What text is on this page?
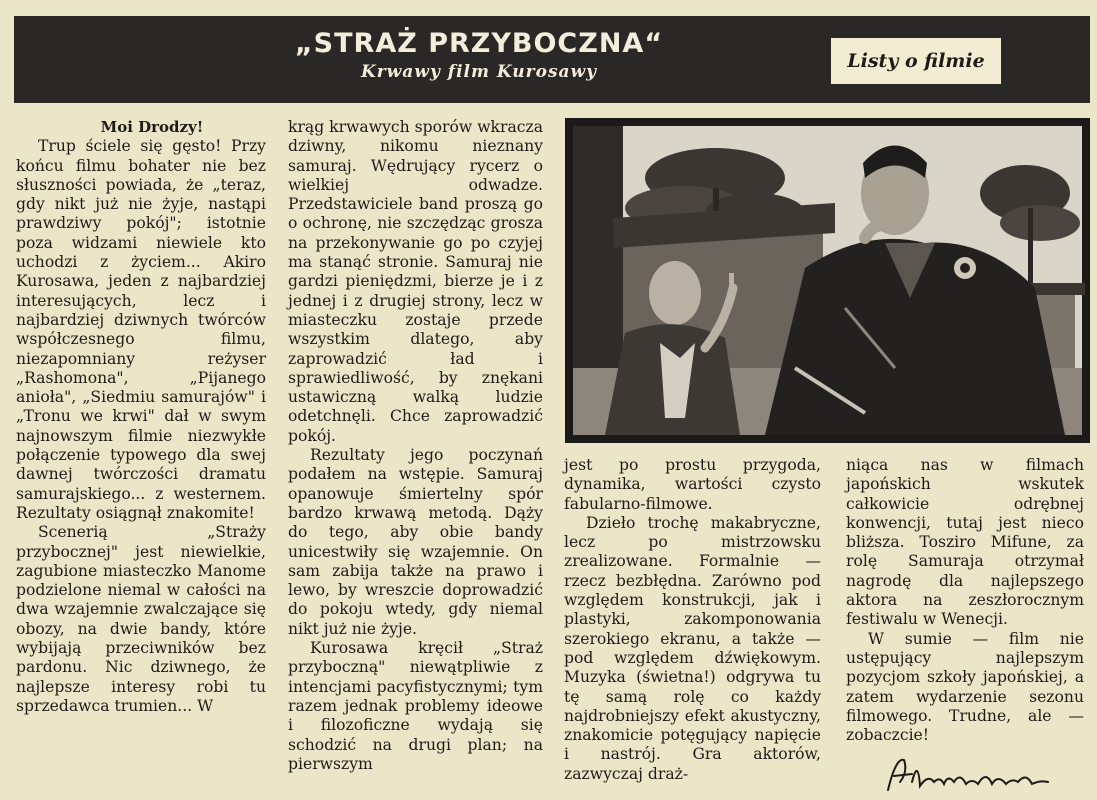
„STRAŻ PRZYBOCZNA“
Krwawy film Kurosawy	Listy o filmie

Moi Drodzy!

Trup ściele się gęsto! Przy końcu filmu bohater nie bez słuszności powiada, że „teraz, gdy nikt już nie żyje, nastąpi prawdziwy pokój"; istotnie poza widzami niewiele kto uchodzi z życiem... Akiro Kurosawa, jeden z najbardziej interesujących, lecz i najbardziej dziwnych twórców współczesnego filmu, niezapomniany reżyser „Rashomona", „Pijanego anioła", „Siedmiu samurajów" i „Tronu we krwi" dał w swym najnowszym filmie niezwykłe połączenie typowego dla swej dawnej twórczości dramatu samurajskiego... z westernem. Rezultaty osiągnął znakomite!

Scenerią „Straży przybocznej" jest niewielkie, zagubione miasteczko Manome podzielone niemal w całości na dwa wzajemnie zwalczające się obozy, na dwie bandy, które wybijają przeciwników bez pardonu. Nic dziwnego, że najlepsze interesy robi tu sprzedawca trumien... W

krąg krwawych sporów wkracza dziwny, nikomu nieznany samuraj. Wędrujący rycerz o wielkiej odwadze. Przedstawiciele band proszą go o ochronę, nie szczędząc grosza na przekonywanie go po czyjej ma stanąć stronie. Samuraj nie gardzi pieniędzmi, bierze je i z jednej i z drugiej strony, lecz w miasteczku zostaje przede wszystkim dlatego, aby zaprowadzić ład i sprawiedliwość, by znękani ustawiczną walką ludzie odetchnęli. Chce zaprowadzić pokój.

Rezultaty jego poczynań podałem na wstępie. Samuraj opanowuje śmiertelny spór bardzo krwawą metodą. Dąży do tego, aby obie bandy unicestwiły się wzajemnie. On sam zabija także na prawo i lewo, by wreszcie doprowadzić do pokoju wtedy, gdy niemal nikt już nie żyje.

Kurosawa kręcił „Straż przyboczną" niewątpliwie z intencjami pacyfistycznymi; tym razem jednak problemy ideowe i filozoficzne wydają się schodzić na drugi plan; na pierwszym

jest po prostu przygoda, dynamika, wartości czysto fabularno-filmowe.

Dzieło trochę makabryczne, lecz po mistrzowsku zrealizowane. Formalnie — rzecz bezbłędna. Zarówno pod względem konstrukcji, jak i plastyki, zakomponowania szerokiego ekranu, a także — pod względem dźwiękowym. Muzyka (świetna!) odgrywa tu tę samą rolę co każdy najdrobniejszy efekt akustyczny, znakomicie potęgujący napięcie i nastrój. Gra aktorów, zazwyczaj draż-

niąca nas w filmach japońskich wskutek całkowicie odrębnej konwencji, tutaj jest nieco bliższa. Tosziro Mifune, za rolę Samuraja otrzymał nagrodę dla najlepszego aktora na zeszłorocznym festiwalu w Wenecji.

W sumie — film nie ustępujący najlepszym pozycjom szkoły japońskiej, a zatem wydarzenie sezonu filmowego. Trudne, ale — zobaczcie!
